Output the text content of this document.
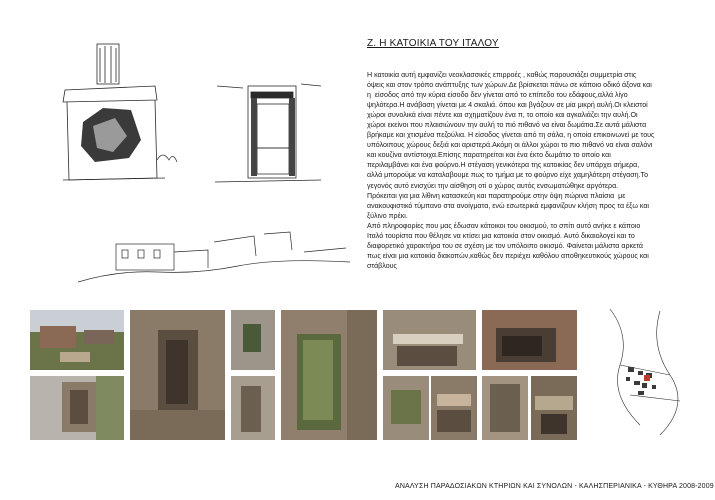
Ζ. Η ΚΑΤΟΙΚΙΑ ΤΟΥ ΙΤΑΛΟΥ
Η κατοικία αυτή εμφανίζει νεοκλασσικές επιρροές , καθώς παρουσιάζει συμμετρία στις
όψεις και στον τρόπο ανάπτυξης των χώρων.Δε βρίσκεται πάνω σε κάποιο οδικό άξονα και
η  είσοδος από την κύρια είσοδο δεν γίνεται από το επίπεδο του εδάφους,αλλά λίγο
ψηλότερα.Η ανάβαση γίνεται με 4 σκαλιά. όπου και βγάζουν σε μία μικρή αυλή.Οι κλειστοί
χώροι συνολικά είναι πέντε και σχηματίζουν ένα π, το οποίο και αγκαλιάζει την αυλή.Οι
χώροι εκείνοι που πλαισιώνουν την αυλή το πιό πιθανό να είναι δωμάτια.Σε αυτά μάλιστα
βρήκαμε και χτισμένα πεζούλια. Η είσοδος γίνεται από τη σάλα, η οποία επικοινωνεί με τους
υπόλοιπους χώρους δεξιά και αριστερά.Ακόμη οι άλλοι χώροι το πιο πιθανό να είναι σαλόνι
και κουζίνα αντίστοιχα.Επίσης παρατηρείται και ένα έκτο δωμάτιο το οποίο και
περιλαμβάνει και ένα φούρνο.Η στέγαση γενικότερα της κατοικίας δεν υπάρχει σήμερα,
αλλά μπορούμε να καταλαβουμε πως το τμήμα με το φούρνο είχε χαμηλότερη στέγαση.Το
γεγονός αυτό ενισχύει την αίσθηση οτί ο χώρος αυτός ενσωματώθηκε αργότερα.
Πρόκειται για μια λίθινη κατασκεύη και παρατηρούμε στην όψη πώρινα πλαίσια  με
ανακουφιστικό τύμπανο στα ανοίγματα, ενώ εσωτερικά εμφανίζουν κλήση προς τα έξω και
ξύλινο πρέκι.
Από πληροφορίες που μας έδωσαν κάτοικοι του οικισμού, το σπίτι αυτό ανήκε ε κάποιο
Ιταλό τουρίστα που θέλησε να κτίσει μια κατοικία στον οικισμό. Αυτό δικαιολογεί και το
διαφορετικό χαρακτήρα του σε σχέση με τον υπόλοιπο οικισμό. Φαίνεται μάλιστα αρκετά
πως είναι μια κατοικία διακοπών,καθώς δεν περιέχει καθόλου αποθηκευτικούς χώρους και
στάβλους
ΑΝΑΛΥΣΗ ΠΑΡΑΔΟΣΙΑΚΩΝ ΚΤΗΡΙΩΝ ΚΑΙ ΣΥΝΟΛΩΝ - ΚΑΛΗΣΠΕΡΙΑΝΙΚΑ - ΚΥΘΗΡΑ 2008-2009
